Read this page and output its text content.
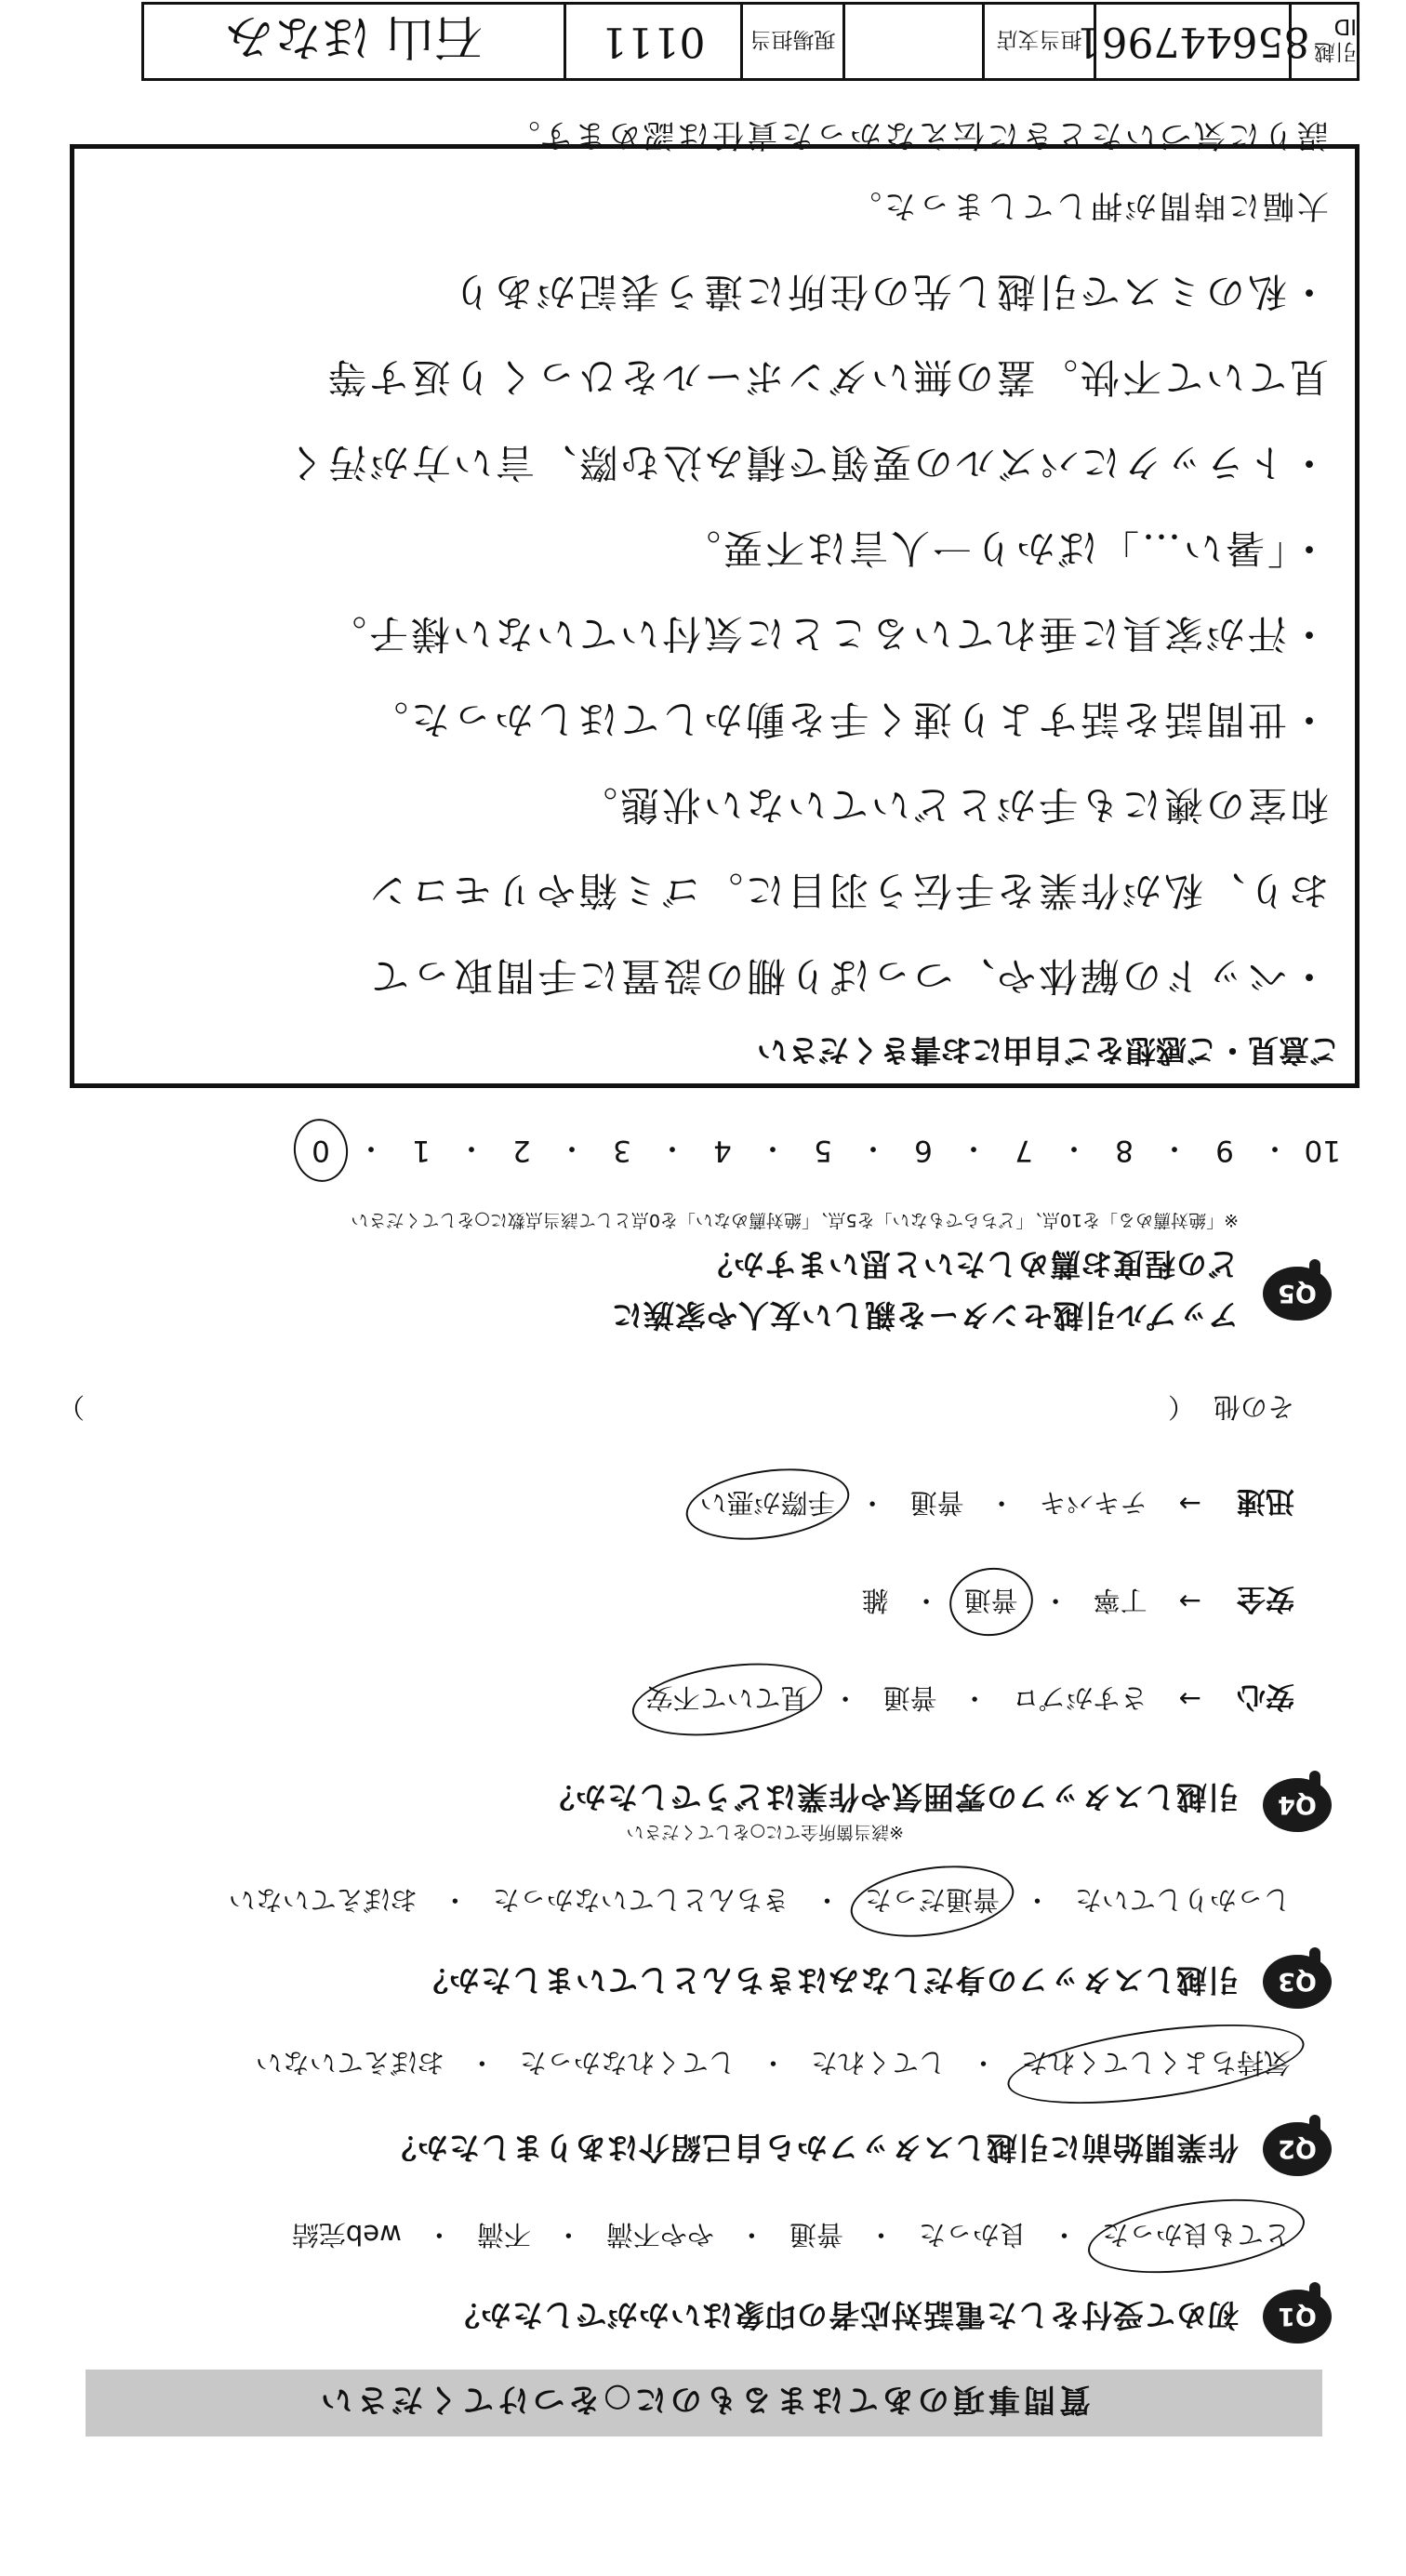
質問事項のあてはまるものに○をつけてください
Q1
初めて受付をした電話対応者の印象はいかがでしたか？
とても良かった
・
良かった
・
普通
・
やや不満
・
不満
・
web完結
Q2
作業開始前に引越しスタッフから自己紹介はありましたか？
気持ちよくしてくれた
・
してくれた
・
してくれなかった
・
おぼえていない
Q3
引越しスタッフの身だしなみはきちんとしていましたか？
しっかりしていた
・
普通だった
・
きちんとしていなかった
・
おぼえていない
Q4
引越しスタッフの雰囲気や作業はどうでしたか？
※該当箇所全てに○をしてください
安心
→
さすがプロ
・
普通
・
見ていて不安
安全
→
丁寧
・
普通
・
雑
迅速
→
テキパキ
・
普通
・
手際が悪い
その他
（
）
Q5
アップル引越センターを親しい友人や家族に
どの程度お薦めしたいと思いますか？
※「絶対薦める」を10点、「どちらでもない」を5点、「絶対薦めない」を0点として該当点数に○をしてください
10
・
9
・
8
・
7
・
6
・
5
・
4
・
3
・
2
・
1
・
0
ご意見・ご感想をご自由にお書きください
・ベッドの解体や、つっぱり棚の設置に手間取って
おり、私が作業を手伝う羽目に。ゴミ箱やリモコン
和室の襖にも手がとどいていない状態。
・世間話を話すより速く手を動かしてほしかった。
・汗が家具に垂れていることに気付いていない様子。
・「暑い…」ばかり一人言は不要。
・トラックにパズルの要領で積み込む際、言い方が汚く
見ていて不快。蓋の無いダンボールをひっくり返す等
・私のミスで引越し先の住所に違う表記があり
大幅に時間が押してしまった。
誤りに気づいたときに伝えなかった責任は認めます。
引越ID
856447961
担当支店
現場担当
0111
石山 ほなみ
